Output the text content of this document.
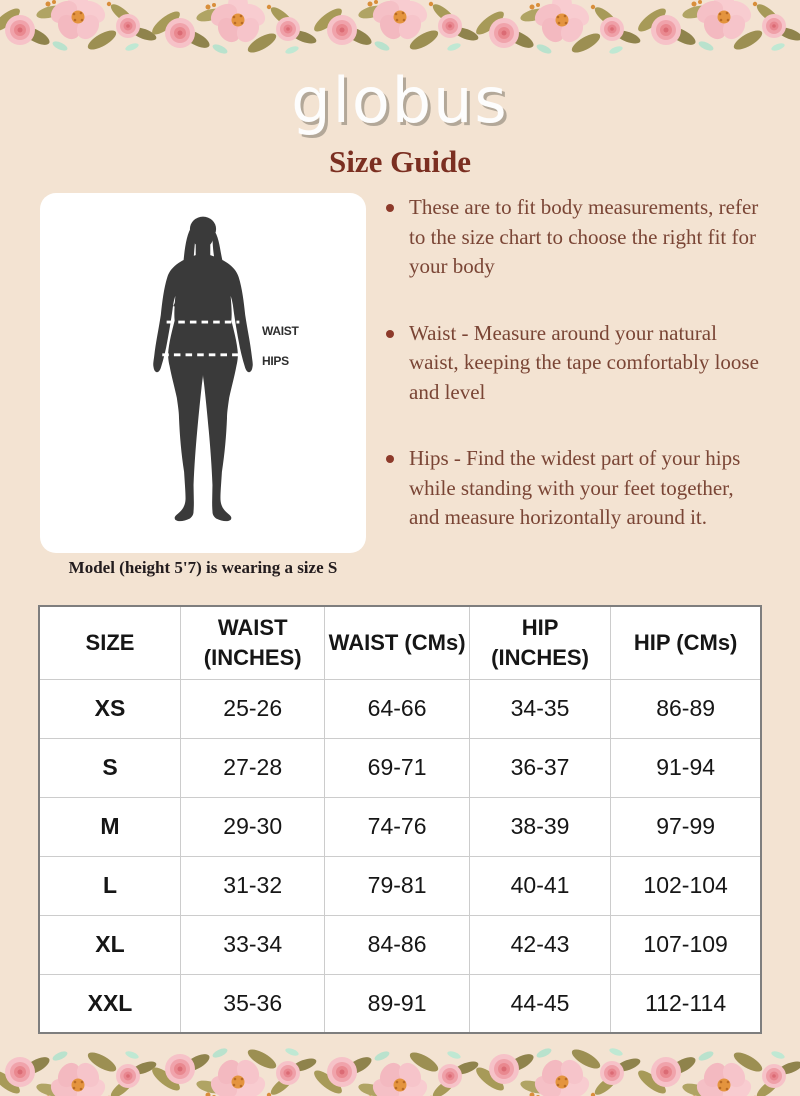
globus
Size Guide
WAIST
HIPS
Model (height 5'7) is wearing a size S
These are to fit body measurements, refer to the size chart to choose the right fit for your body
Waist - Measure around your natural waist, keeping the tape comfortably loose and level
Hips - Find the widest part of your hips while standing with your feet together, and measure horizontally around it.
SIZE	WAIST (INCHES)	WAIST (CMs)	HIP (INCHES)	HIP (CMs)
XS	25-26	64-66	34-35	86-89
S	27-28	69-71	36-37	91-94
M	29-30	74-76	38-39	97-99
L	31-32	79-81	40-41	102-104
XL	33-34	84-86	42-43	107-109
XXL	35-36	89-91	44-45	112-114
